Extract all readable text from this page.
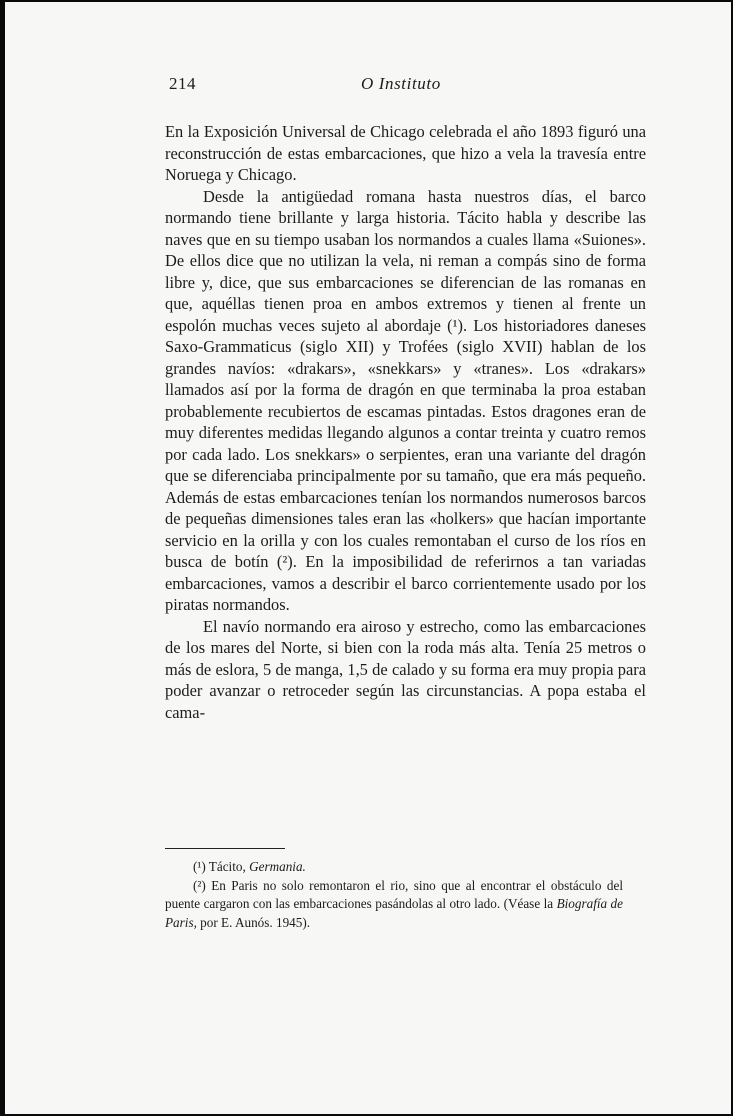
214	O Instituto

En la Exposición Universal de Chicago celebrada el año 1893 figuró una reconstrucción de estas embarcaciones, que hizo a vela la travesía entre Noruega y Chicago.

Desde la antigüedad romana hasta nuestros días, el barco normando tiene brillante y larga historia. Tácito habla y describe las naves que en su tiempo usaban los normandos a cuales llama «Suiones». De ellos dice que no utilizan la vela, ni reman a compás sino de forma libre y, dice, que sus embarcaciones se diferencian de las romanas en que, aquéllas tienen proa en ambos extremos y tienen al frente un espolón muchas veces sujeto al abordaje (¹). Los historiadores daneses Saxo-Grammaticus (siglo XII) y Trofées (siglo XVII) hablan de los grandes navíos: «drakars», «snekkars» y «tranes». Los «drakars» llamados así por la forma de dragón en que terminaba la proa estaban probablemente recubiertos de escamas pintadas. Estos dragones eran de muy diferentes medidas llegando algunos a contar treinta y cuatro remos por cada lado. Los snekkars» o serpientes, eran una variante del dragón que se diferenciaba principalmente por su tamaño, que era más pequeño. Además de estas embarcaciones tenían los normandos numerosos barcos de pequeñas dimensiones tales eran las «holkers» que hacían importante servicio en la orilla y con los cuales remontaban el curso de los ríos en busca de botín (²). En la imposibilidad de referirnos a tan variadas embarcaciones, vamos a describir el barco corrientemente usado por los piratas normandos.

El navío normando era airoso y estrecho, como las embarcaciones de los mares del Norte, si bien con la roda más alta. Tenía 25 metros o más de eslora, 5 de manga, 1,5 de calado y su forma era muy propia para poder avanzar o retroceder según las circunstancias. A popa estaba el cama-

(¹) Tácito, Germania.

(²) En Paris no solo remontaron el rio, sino que al encontrar el obstáculo del puente cargaron con las embarcaciones pasándolas al otro lado. (Véase la Biografía de Paris, por E. Aunós. 1945).
